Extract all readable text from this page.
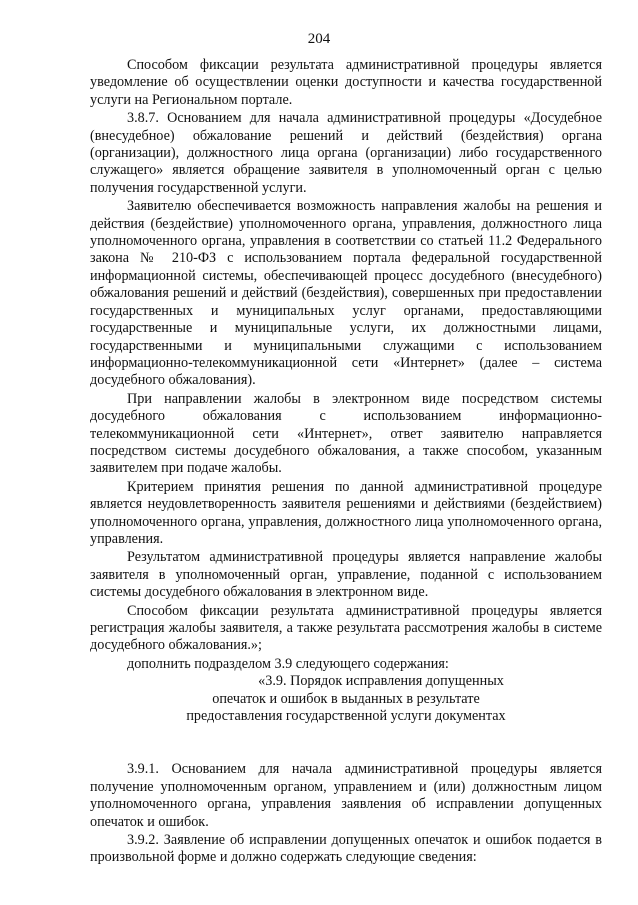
204

Способом фиксации результата административной процедуры является уведомление об осуществлении оценки доступности и качества государственной услуги на Региональном портале.

3.8.7. Основанием для начала административной процедуры «Досудебное (внесудебное) обжалование решений и действий (бездействия) органа (организации), должностного лица органа (организации) либо государственного служащего» является обращение заявителя в уполномоченный орган с целью получения государственной услуги.

Заявителю обеспечивается возможность направления жалобы на решения и действия (бездействие) уполномоченного органа, управления, должностного лица уполномоченного органа, управления в соответствии со статьей 11.2 Федерального закона № 210-ФЗ с использованием портала федеральной государственной информационной системы, обеспечивающей процесс досудебного (внесудебного) обжалования решений и действий (бездействия), совершенных при предоставлении государственных и муниципальных услуг органами, предоставляющими государственные и муниципальные услуги, их должностными лицами, государственными и муниципальными служащими с использованием информационно-телекоммуникационной сети «Интернет» (далее – система досудебного обжалования).

При направлении жалобы в электронном виде посредством системы досудебного обжалования с использованием информационно-телекоммуникационной сети «Интернет», ответ заявителю направляется посредством системы досудебного обжалования, а также способом, указанным заявителем при подаче жалобы.

Критерием принятия решения по данной административной процедуре является неудовлетворенность заявителя решениями и действиями (бездействием) уполномоченного органа, управления, должностного лица уполномоченного органа, управления.

Результатом административной процедуры является направление жалобы заявителя в уполномоченный орган, управление, поданной с использованием системы досудебного обжалования в электронном виде.

Способом фиксации результата административной процедуры является регистрация жалобы заявителя, а также результата рассмотрения жалобы в системе досудебного обжалования.»;

дополнить подразделом 3.9 следующего содержания:

«3.9. Порядок исправления допущенных

опечаток и ошибок в выданных в результате

предоставления государственной услуги документах

3.9.1. Основанием для начала административной процедуры является получение уполномоченным органом, управлением и (или) должностным лицом уполномоченного органа, управления заявления об исправлении допущенных опечаток и ошибок.

3.9.2. Заявление об исправлении допущенных опечаток и ошибок подается в произвольной форме и должно содержать следующие сведения:
